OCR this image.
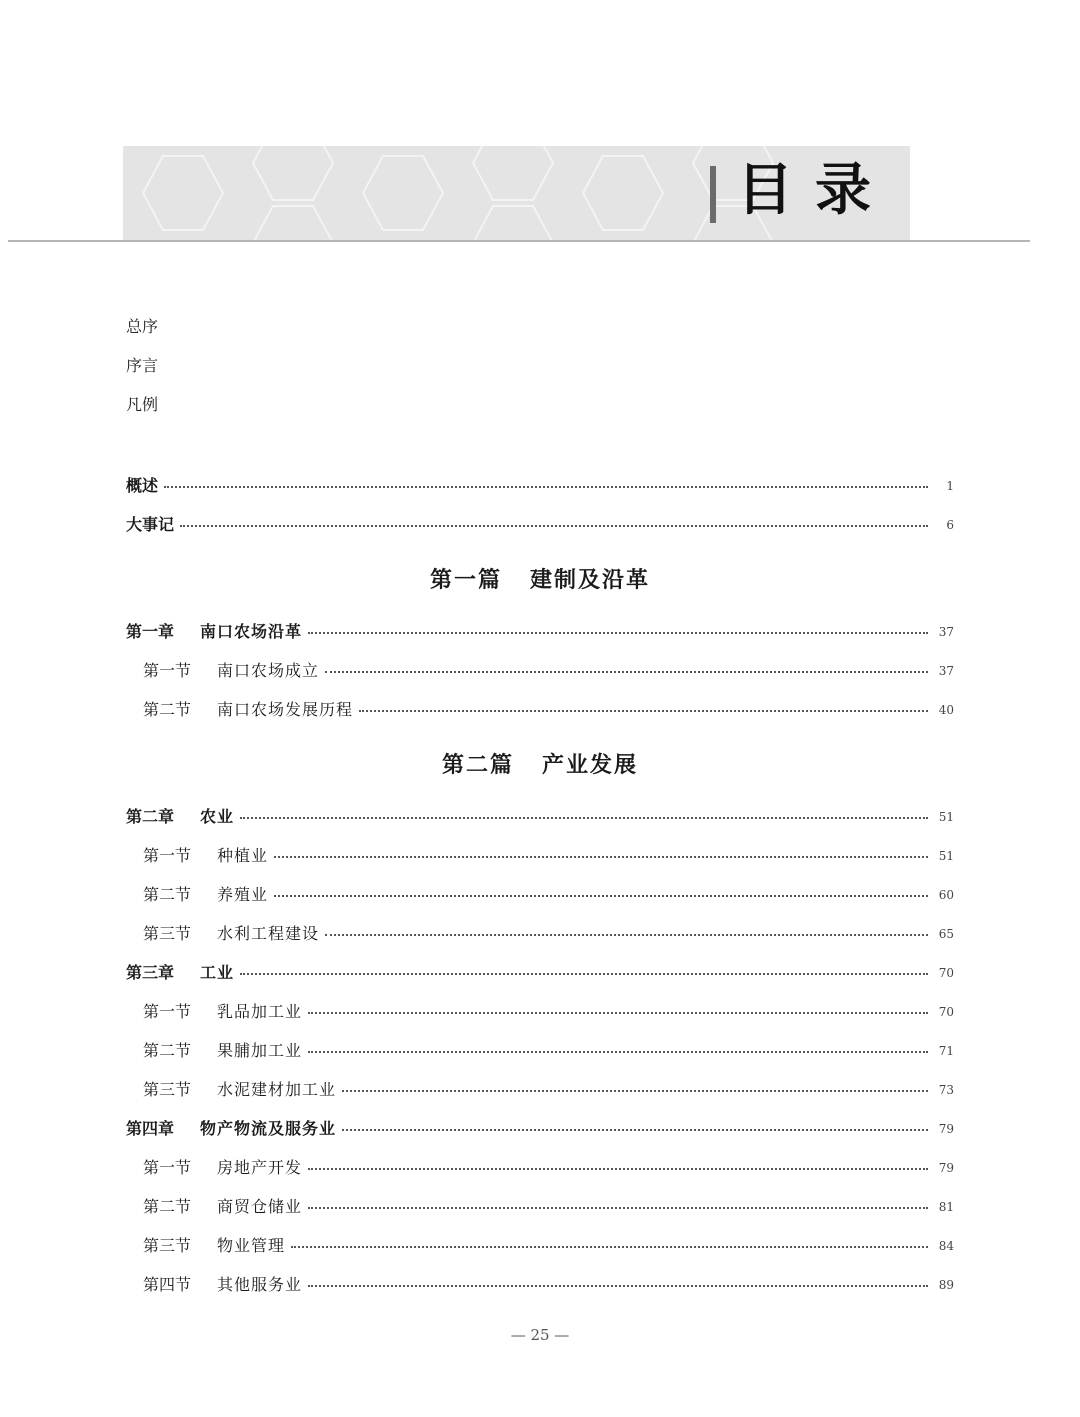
目录
总序
序言
凡例
概述	1
大事记	6
第一篇 建制及沿革
第一章 南口农场沿革	37
第一节 南口农场成立	37
第二节 南口农场发展历程	40
第二篇 产业发展
第二章 农业	51
第一节 种植业	51
第二节 养殖业	60
第三节 水利工程建设	65
第三章 工业	70
第一节 乳品加工业	70
第二节 果脯加工业	71
第三节 水泥建材加工业	73
第四章 物产物流及服务业	79
第一节 房地产开发	79
第二节 商贸仓储业	81
第三节 物业管理	84
第四节 其他服务业	89
— 25 —
